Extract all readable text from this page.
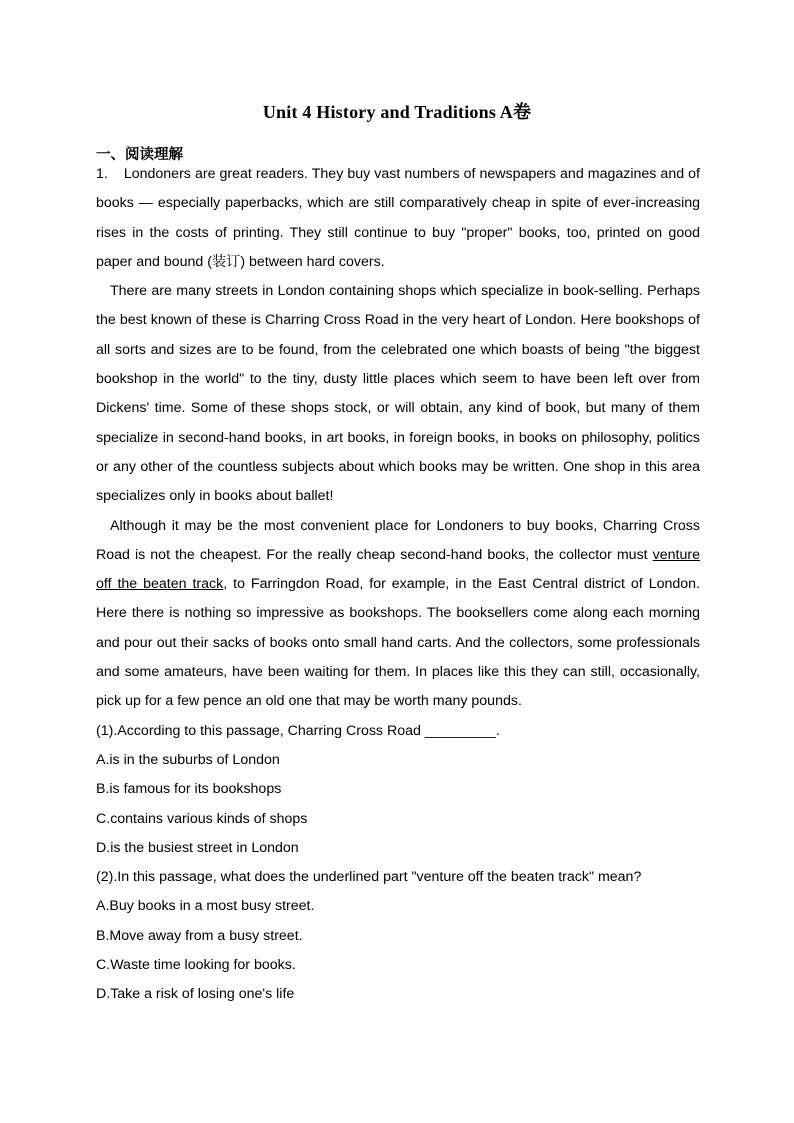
Unit 4 History and Traditions A卷
一、阅读理解

1. Londoners are great readers. They buy vast numbers of newspapers and magazines and of books — especially paperbacks, which are still comparatively cheap in spite of ever-increasing rises in the costs of printing. They still continue to buy "proper" books, too, printed on good paper and bound (装订) between hard covers.

There are many streets in London containing shops which specialize in book-selling. Perhaps the best known of these is Charring Cross Road in the very heart of London. Here bookshops of all sorts and sizes are to be found, from the celebrated one which boasts of being "the biggest bookshop in the world" to the tiny, dusty little places which seem to have been left over from Dickens' time. Some of these shops stock, or will obtain, any kind of book, but many of them specialize in second-hand books, in art books, in foreign books, in books on philosophy, politics or any other of the countless subjects about which books may be written. One shop in this area specializes only in books about ballet!

Although it may be the most convenient place for Londoners to buy books, Charring Cross Road is not the cheapest. For the really cheap second-hand books, the collector must venture off the beaten track, to Farringdon Road, for example, in the East Central district of London. Here there is nothing so impressive as bookshops. The booksellers come along each morning and pour out their sacks of books onto small hand carts. And the collectors, some professionals and some amateurs, have been waiting for them. In places like this they can still, occasionally, pick up for a few pence an old one that may be worth many pounds.

(1).According to this passage, Charring Cross Road _________.

A.is in the suburbs of London

B.is famous for its bookshops

C.contains various kinds of shops

D.is the busiest street in London

(2).In this passage, what does the underlined part "venture off the beaten track" mean?

A.Buy books in a most busy street.

B.Move away from a busy street.

C.Waste time looking for books.

D.Take a risk of losing one's life
